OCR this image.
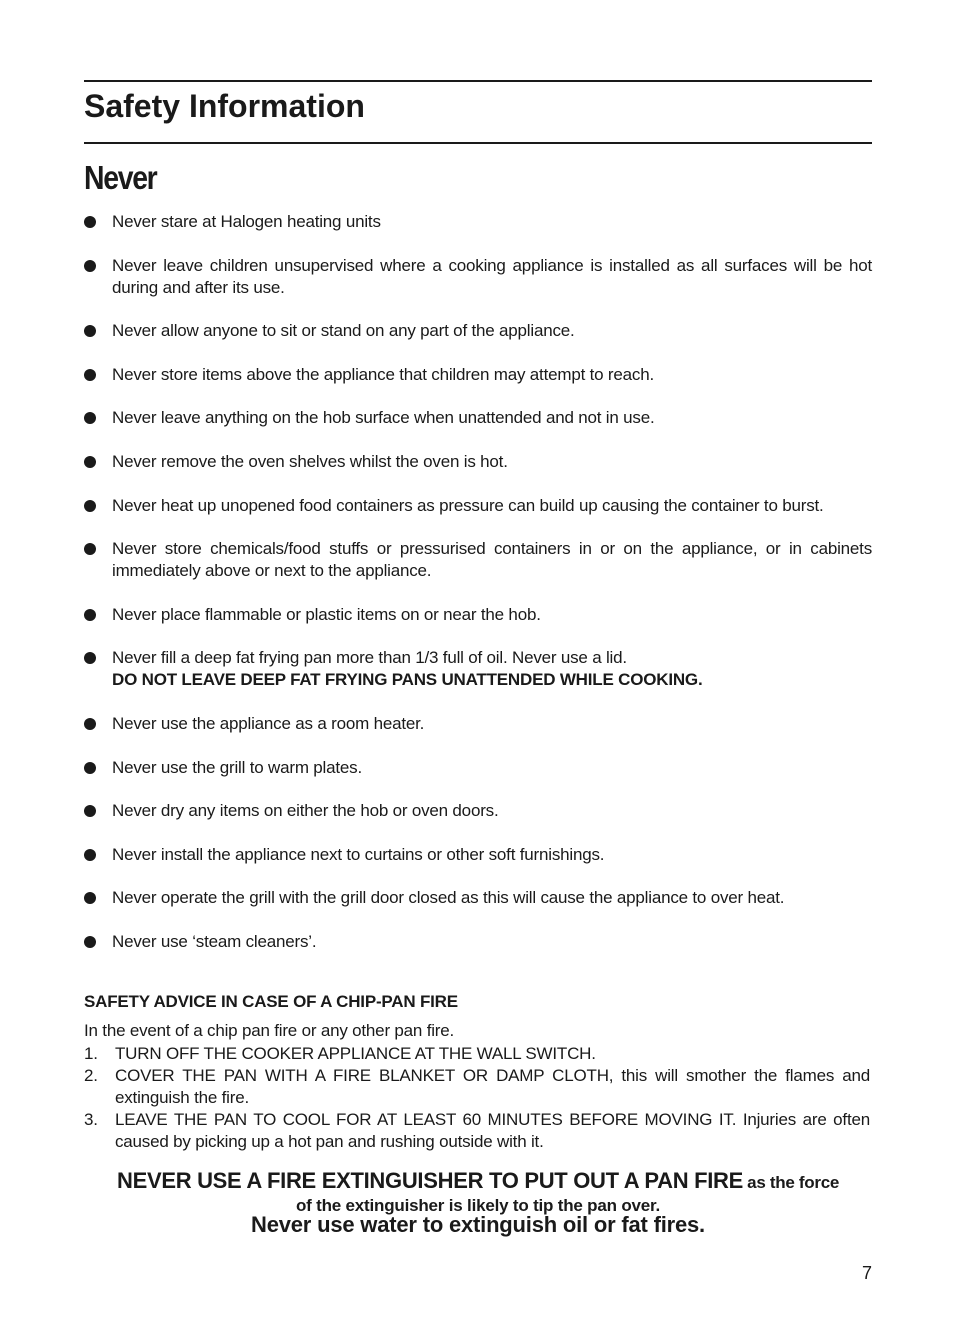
Safety Information
Never
Never stare at Halogen heating units
Never leave children unsupervised where a cooking appliance is installed as all surfaces will be hot during and after its use.
Never allow anyone to sit or stand on any part of the appliance.
Never store items above the appliance that children may attempt to reach.
Never leave anything on the hob surface when unattended and not in use.
Never remove the oven shelves whilst the oven is hot.
Never heat up unopened food containers as pressure can build up causing the container to burst.
Never store chemicals/food stuffs or pressurised containers in or on the appliance, or in cabinets immediately above or next to the appliance.
Never place flammable or plastic items on or near the hob.
Never fill a deep fat frying pan more than 1/3 full of oil. Never use a lid.
DO NOT LEAVE DEEP FAT FRYING PANS UNATTENDED WHILE COOKING.
Never use the appliance as a room heater.
Never use the grill to warm plates.
Never dry any items on either the hob or oven doors.
Never install the appliance next to curtains or other soft furnishings.
Never operate the grill with the grill door closed as this will cause the appliance to over heat.
Never use ‘steam cleaners’.
SAFETY ADVICE IN CASE OF A CHIP-PAN FIRE
In the event of a chip pan fire or any other pan fire.
1. TURN OFF THE COOKER APPLIANCE AT THE WALL SWITCH.
2. COVER THE PAN WITH A FIRE BLANKET OR DAMP CLOTH, this will smother the flames and extinguish the fire.
3. LEAVE THE PAN TO COOL FOR AT LEAST 60 MINUTES BEFORE MOVING IT. Injuries are often caused by picking up a hot pan and rushing outside with it.
NEVER USE A FIRE EXTINGUISHER TO PUT OUT A PAN FIRE as the force
of the extinguisher is likely to tip the pan over.
Never use water to extinguish oil or fat fires.
7
